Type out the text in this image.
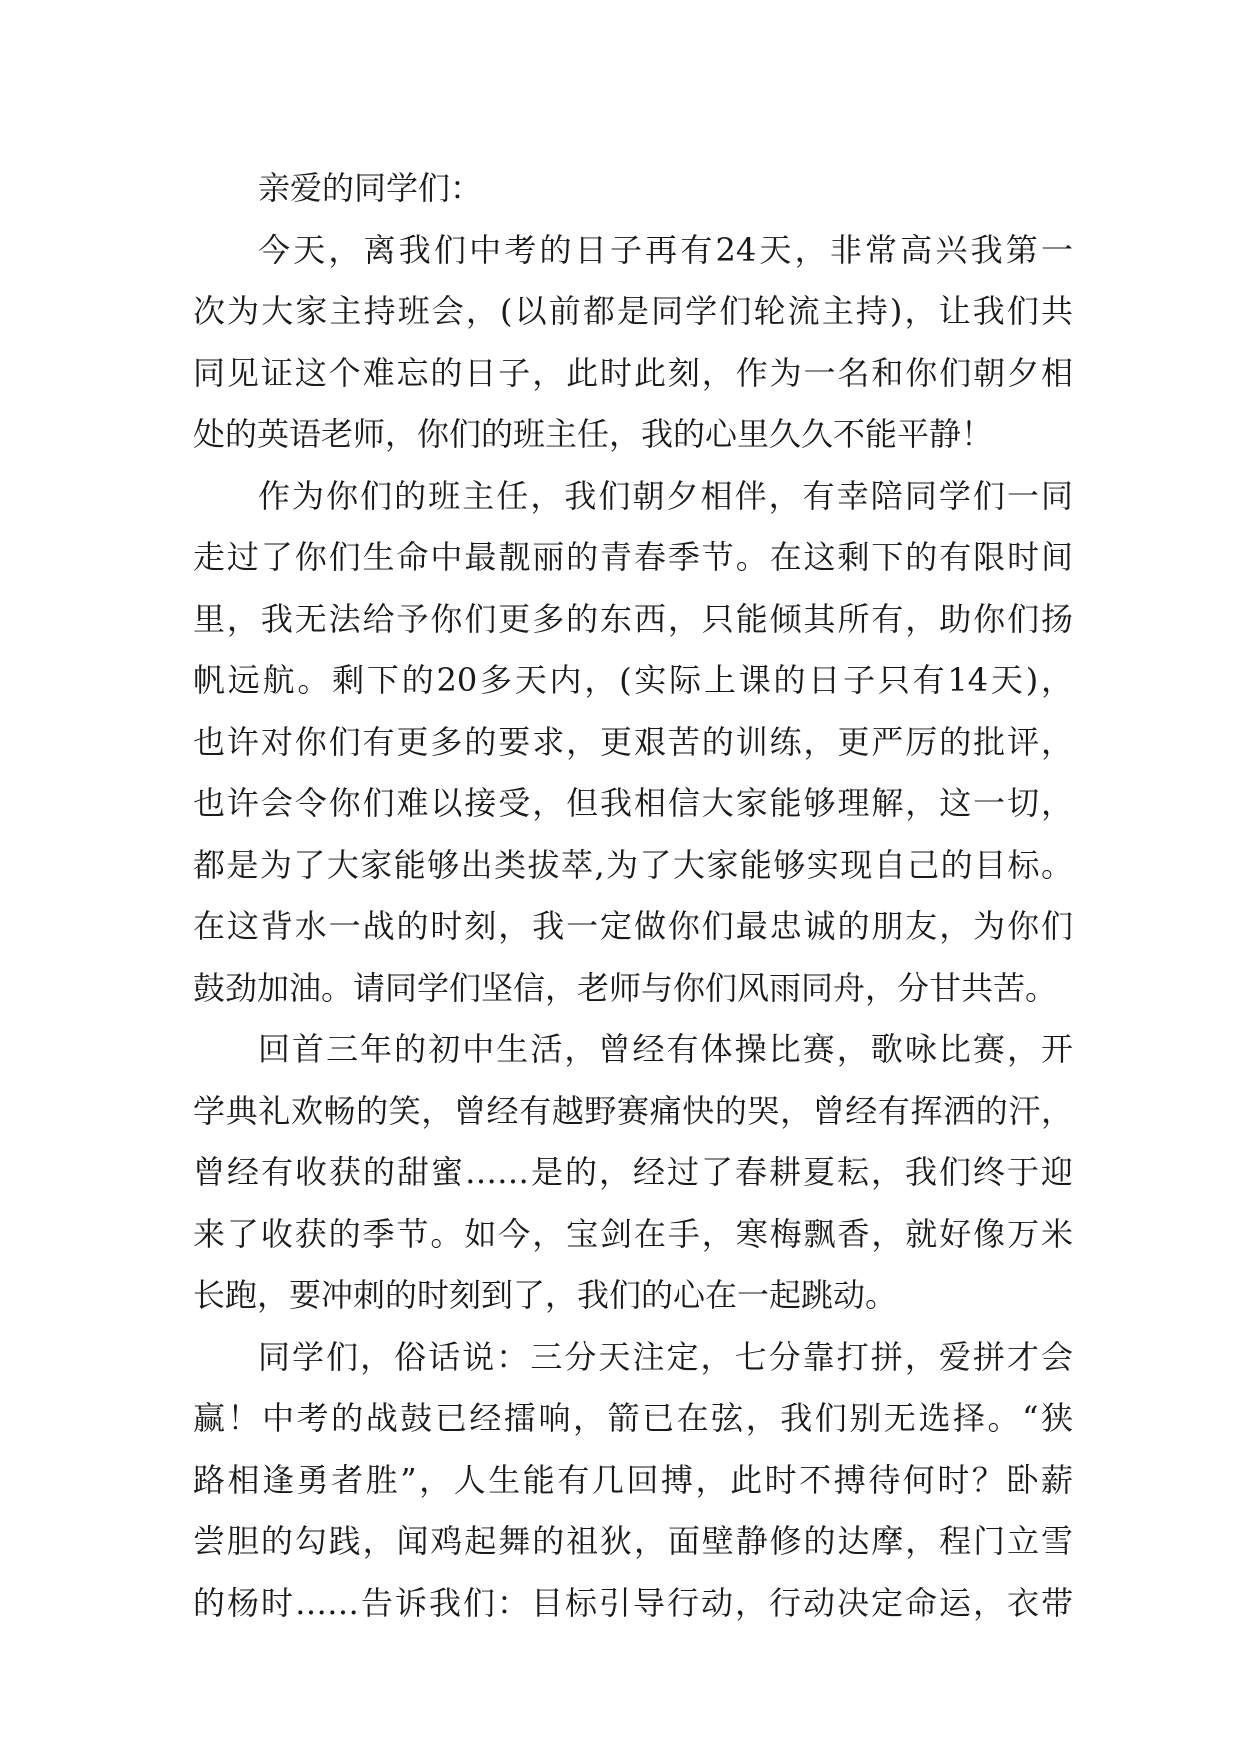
亲爱的同学们：
今天，离我们中考的日子再有24天，非常高兴我第一
次为大家主持班会，(以前都是同学们轮流主持)，让我们共
同见证这个难忘的日子，此时此刻，作为一名和你们朝夕相
处的英语老师，你们的班主任，我的心里久久不能平静！
作为你们的班主任，我们朝夕相伴，有幸陪同学们一同
走过了你们生命中最靓丽的青春季节。在这剩下的有限时间
里，我无法给予你们更多的东西，只能倾其所有，助你们扬
帆远航。剩下的20多天内，(实际上课的日子只有14天)，
也许对你们有更多的要求，更艰苦的训练，更严厉的批评，
也许会令你们难以接受，但我相信大家能够理解，这一切，
都是为了大家能够出类拔萃,为了大家能够实现自己的目标。
在这背水一战的时刻，我一定做你们最忠诚的朋友，为你们
鼓劲加油。请同学们坚信，老师与你们风雨同舟，分甘共苦。
回首三年的初中生活，曾经有体操比赛，歌咏比赛，开
学典礼欢畅的笑，曾经有越野赛痛快的哭，曾经有挥洒的汗，
曾经有收获的甜蜜……是的，经过了春耕夏耘，我们终于迎
来了收获的季节。如今，宝剑在手，寒梅飘香，就好像万米
长跑，要冲刺的时刻到了，我们的心在一起跳动。
同学们，俗话说：三分天注定，七分靠打拼，爱拼才会
赢！中考的战鼓已经擂响，箭已在弦，我们别无选择。“狭
路相逢勇者胜”，人生能有几回搏，此时不搏待何时？卧薪
尝胆的勾践，闻鸡起舞的祖狄，面壁静修的达摩，程门立雪
的杨时……告诉我们：目标引导行动，行动决定命运，衣带
